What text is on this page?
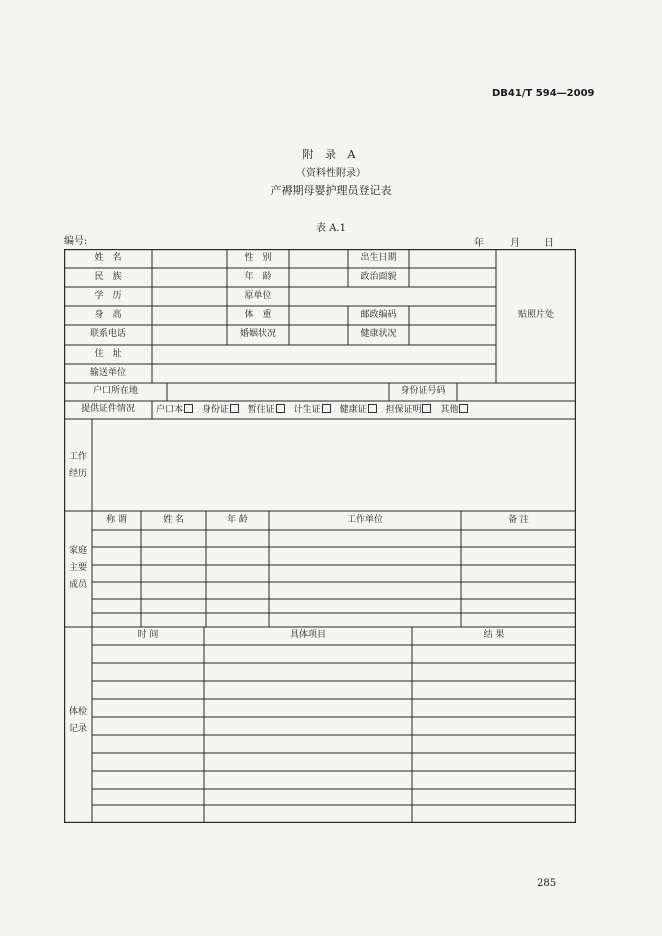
DB41/T 594—2009
附 录 A
（资料性附录）
产褥期母婴护理员登记表
表 A.1
编号:	年	月 日
姓　名	性　别	出生日期
民　族	年　龄	政治面貌
学　历	原单位
身　高	体　重	邮政编码
联系电话	婚姻状况	健康状况
住　址
输送单位
贴照片处
户口所在地	身份证号码
提供证件情况	户口本 身份证 暂住证 计生证 健康证 担保证明 其他
工作
经历
家庭
主要
成员
称 谓	姓 名	年 龄	工作单位	备 注
体检
记录
时 间	具体项目	结 果
285
